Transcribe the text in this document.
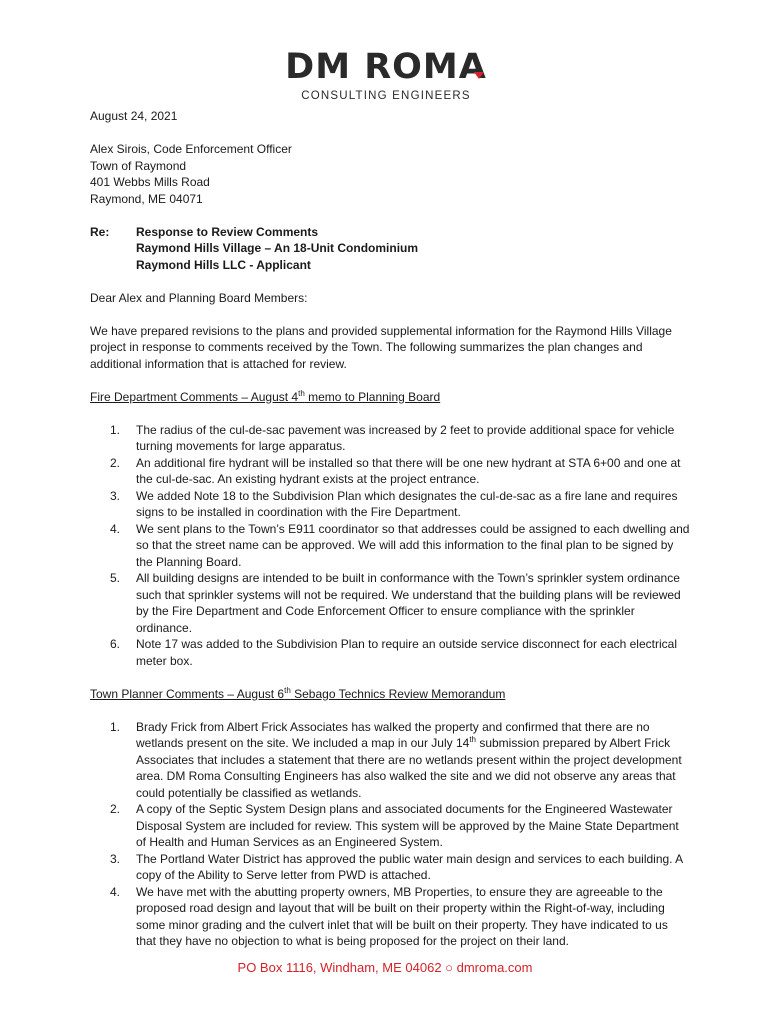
DM ROMA
CONSULTING ENGINEERS

August 24, 2021

Alex Sirois, Code Enforcement Officer

Town of Raymond

401 Webbs Mills Road

Raymond, ME 04071

Re:	Response to Review Comments

Raymond Hills Village – An 18-Unit Condominium

Raymond Hills LLC - Applicant

Dear Alex and Planning Board Members:

We have prepared revisions to the plans and provided supplemental information for the Raymond Hills Village project in response to comments received by the Town. The following summarizes the plan changes and additional information that is attached for review.

Fire Department Comments – August 4th memo to Planning Board

1. The radius of the cul-de-sac pavement was increased by 2 feet to provide additional space for vehicle turning movements for large apparatus.
2. An additional fire hydrant will be installed so that there will be one new hydrant at STA 6+00 and one at the cul-de-sac. An existing hydrant exists at the project entrance.
3. We added Note 18 to the Subdivision Plan which designates the cul-de-sac as a fire lane and requires signs to be installed in coordination with the Fire Department.
4. We sent plans to the Town’s E911 coordinator so that addresses could be assigned to each dwelling and so that the street name can be approved. We will add this information to the final plan to be signed by the Planning Board.
5. All building designs are intended to be built in conformance with the Town’s sprinkler system ordinance such that sprinkler systems will not be required. We understand that the building plans will be reviewed by the Fire Department and Code Enforcement Officer to ensure compliance with the sprinkler ordinance.
6. Note 17 was added to the Subdivision Plan to require an outside service disconnect for each electrical meter box.

Town Planner Comments – August 6th Sebago Technics Review Memorandum

1. Brady Frick from Albert Frick Associates has walked the property and confirmed that there are no wetlands present on the site. We included a map in our July 14th submission prepared by Albert Frick Associates that includes a statement that there are no wetlands present within the project development area. DM Roma Consulting Engineers has also walked the site and we did not observe any areas that could potentially be classified as wetlands.
2. A copy of the Septic System Design plans and associated documents for the Engineered Wastewater Disposal System are included for review. This system will be approved by the Maine State Department of Health and Human Services as an Engineered System.
3. The Portland Water District has approved the public water main design and services to each building. A copy of the Ability to Serve letter from PWD is attached.
4. We have met with the abutting property owners, MB Properties, to ensure they are agreeable to the proposed road design and layout that will be built on their property within the Right-of-way, including some minor grading and the culvert inlet that will be built on their property. They have indicated to us that they have no objection to what is being proposed for the project on their land.
PO Box 1116, Windham, ME 04062 ○ dmroma.com
